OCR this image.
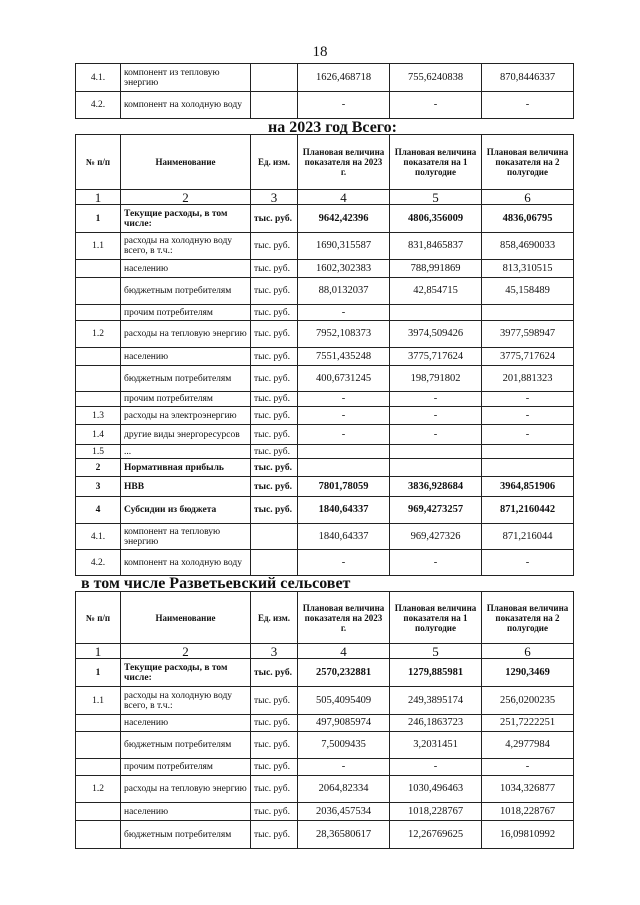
18
4.1.	компонент из тепловую энергию		1626,468718	755,6240838	870,8446337
4.2.	компонент на холодную воду		-	-	-
на 2023 год Всего:
№ п/п	Наименование	Ед. изм.	Плановая величина показателя на 2023 г.	Плановая величина показателя на 1 полугодие	Плановая величина показателя на 2 полугодие
1	2	3	4	5	6
1	Текущие расходы, в том числе:	тыс. руб.	9642,42396	4806,356009	4836,06795
1.1	расходы на холодную воду всего, в т.ч.:	тыс. руб.	1690,315587	831,8465837	858,4690033
	населению	тыс. руб.	1602,302383	788,991869	813,310515
	бюджетным потребителям	тыс. руб.	88,0132037	42,854715	45,158489
	прочим потребителям	тыс. руб.	-		
1.2	расходы на тепловую энергию	тыс. руб.	7952,108373	3974,509426	3977,598947
	населению	тыс. руб.	7551,435248	3775,717624	3775,717624
	бюджетным потребителям	тыс. руб.	400,6731245	198,791802	201,881323
	прочим потребителям	тыс. руб.	-	-	-
1.3	расходы на электроэнергию	тыс. руб.	-	-	-
1.4	другие виды энергоресурсов	тыс. руб.	-	-	-
1.5	...	тыс. руб.			
2	Нормативная прибыль	тыс. руб.			
3	НВВ	тыс. руб.	7801,78059	3836,928684	3964,851906
4	Субсидии из бюджета	тыс. руб.	1840,64337	969,4273257	871,2160442
4.1.	компонент на тепловую энергию		1840,64337	969,427326	871,216044
4.2.	компонент на холодную воду		-	-	-
в том числе Разветьевский сельсовет
№ п/п	Наименование	Ед. изм.	Плановая величина показателя на 2023 г.	Плановая величина показателя на 1 полугодие	Плановая величина показателя на 2 полугодие
1	2	3	4	5	6
1	Текущие расходы, в том числе:	тыс. руб.	2570,232881	1279,885981	1290,3469
1.1	расходы на холодную воду всего, в т.ч.:	тыс. руб.	505,4095409	249,3895174	256,0200235
	населению	тыс. руб.	497,9085974	246,1863723	251,7222251
	бюджетным потребителям	тыс. руб.	7,5009435	3,2031451	4,2977984
	прочим потребителям	тыс. руб.	-	-	-
1.2	расходы на тепловую энергию	тыс. руб.	2064,82334	1030,496463	1034,326877
	населению	тыс. руб.	2036,457534	1018,228767	1018,228767
	бюджетным потребителям	тыс. руб.	28,36580617	12,26769625	16,09810992
